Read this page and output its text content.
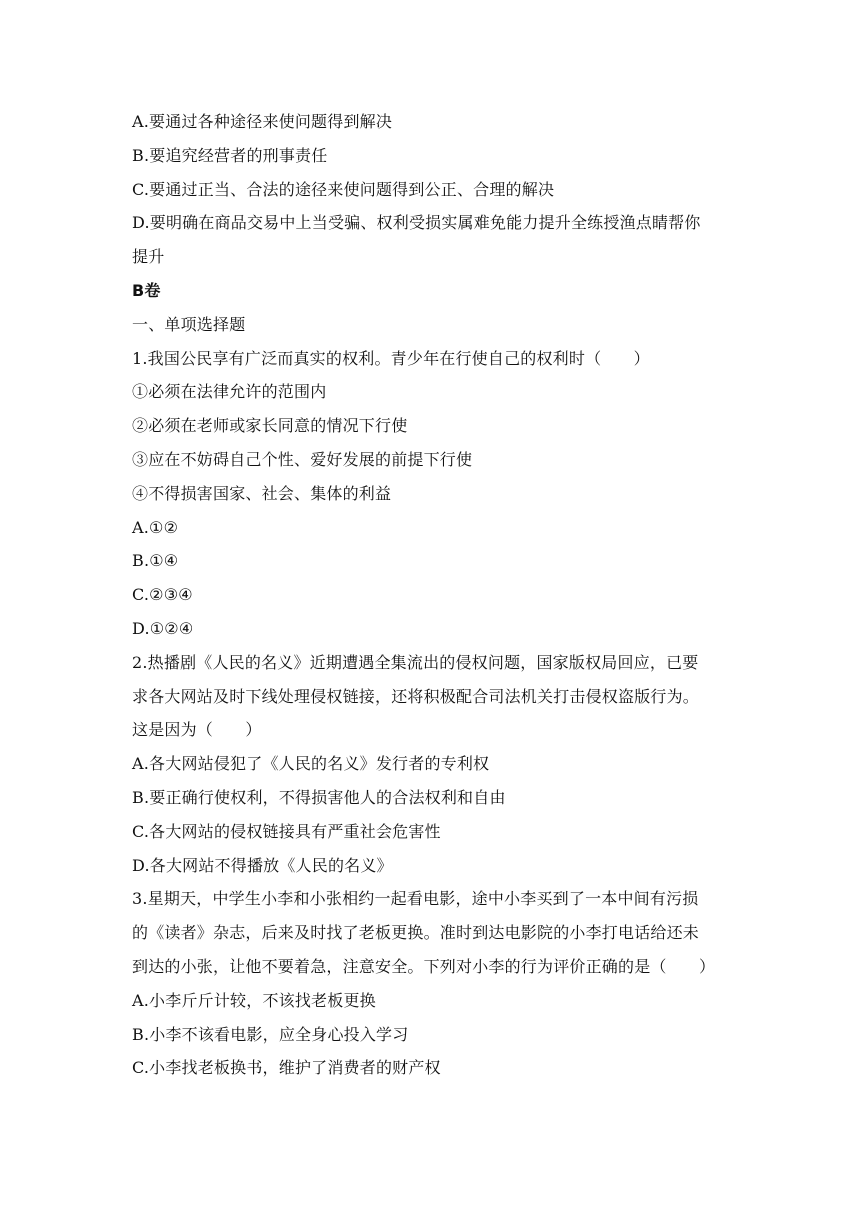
A.要通过各种途径来使问题得到解决
B.要追究经营者的刑事责任
C.要通过正当、合法的途径来使问题得到公正、合理的解决
D.要明确在商品交易中上当受骗、权利受损实属难免能力提升全练授渔点睛帮你
提升
B卷
一、单项选择题
1.我国公民享有广泛而真实的权利。青少年在行使自己的权利时（　　）
①必须在法律允许的范围内
②必须在老师或家长同意的情况下行使
③应在不妨碍自己个性、爱好发展的前提下行使
④不得损害国家、社会、集体的利益
A.①②
B.①④
C.②③④
D.①②④
2.热播剧《人民的名义》近期遭遇全集流出的侵权问题，国家版权局回应，已要
求各大网站及时下线处理侵权链接，还将积极配合司法机关打击侵权盗版行为。
这是因为（　　）
A.各大网站侵犯了《人民的名义》发行者的专利权
B.要正确行使权利，不得损害他人的合法权利和自由
C.各大网站的侵权链接具有严重社会危害性
D.各大网站不得播放《人民的名义》
3.星期天，中学生小李和小张相约一起看电影，途中小李买到了一本中间有污损
的《读者》杂志，后来及时找了老板更换。准时到达电影院的小李打电话给还未
到达的小张，让他不要着急，注意安全。下列对小李的行为评价正确的是（　　）
A.小李斤斤计较，不该找老板更换
B.小李不该看电影，应全身心投入学习
C.小李找老板换书，维护了消费者的财产权
